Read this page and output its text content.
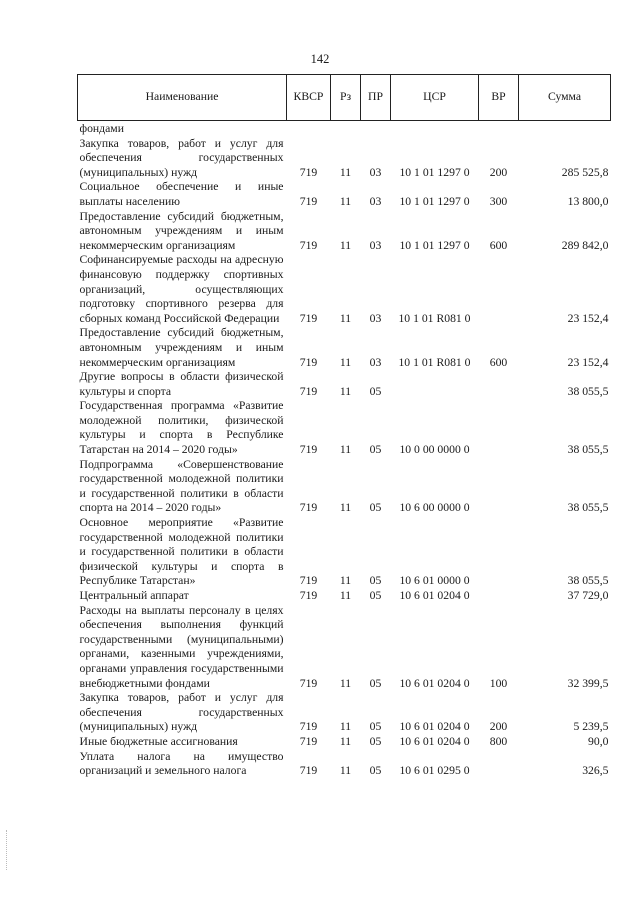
142
Наименование	КВСР	Рз	ПР	ЦСР	ВР	Сумма
фондами						
Закупка товаров, работ и услуг для обеспечения государственных (муниципальных) нужд	719	11	03	10 1 01 1297 0	200	285 525,8
Социальное обеспечение и иные выплаты населению	719	11	03	10 1 01 1297 0	300	13 800,0
Предоставление субсидий бюджетным, автономным учреждениям и иным некоммерческим организациям	719	11	03	10 1 01 1297 0	600	289 842,0
Софинансируемые расходы на адресную финансовую поддержку спортивных организаций, осуществляющих подготовку спортивного резерва для сборных команд Российской Федерации	719	11	03	10 1 01 R081 0		23 152,4
Предоставление субсидий бюджетным, автономным учреждениям и иным некоммерческим организациям	719	11	03	10 1 01 R081 0	600	23 152,4
Другие вопросы в области физической культуры и спорта	719	11	05			38 055,5
Государственная программа «Развитие молодежной политики, физической культуры и спорта в Республике Татарстан на 2014 – 2020 годы»	719	11	05	10 0 00 0000 0		38 055,5
Подпрограмма «Совершенствование государственной молодежной политики и государственной политики в области спорта на 2014 – 2020 годы»	719	11	05	10 6 00 0000 0		38 055,5
Основное мероприятие «Развитие государственной молодежной политики и государственной политики в области физической культуры и спорта в Республике Татарстан»	719	11	05	10 6 01 0000 0		38 055,5
Центральный аппарат	719	11	05	10 6 01 0204 0		37 729,0
Расходы на выплаты персоналу в целях обеспечения выполнения функций государственными (муниципальными) органами, казенными учреждениями, органами управления государственными внебюджетными фондами	719	11	05	10 6 01 0204 0	100	32 399,5
Закупка товаров, работ и услуг для обеспечения государственных (муниципальных) нужд	719	11	05	10 6 01 0204 0	200	5 239,5
Иные бюджетные ассигнования	719	11	05	10 6 01 0204 0	800	90,0
Уплата налога на имущество организаций и земельного налога	719	11	05	10 6 01 0295 0		326,5
